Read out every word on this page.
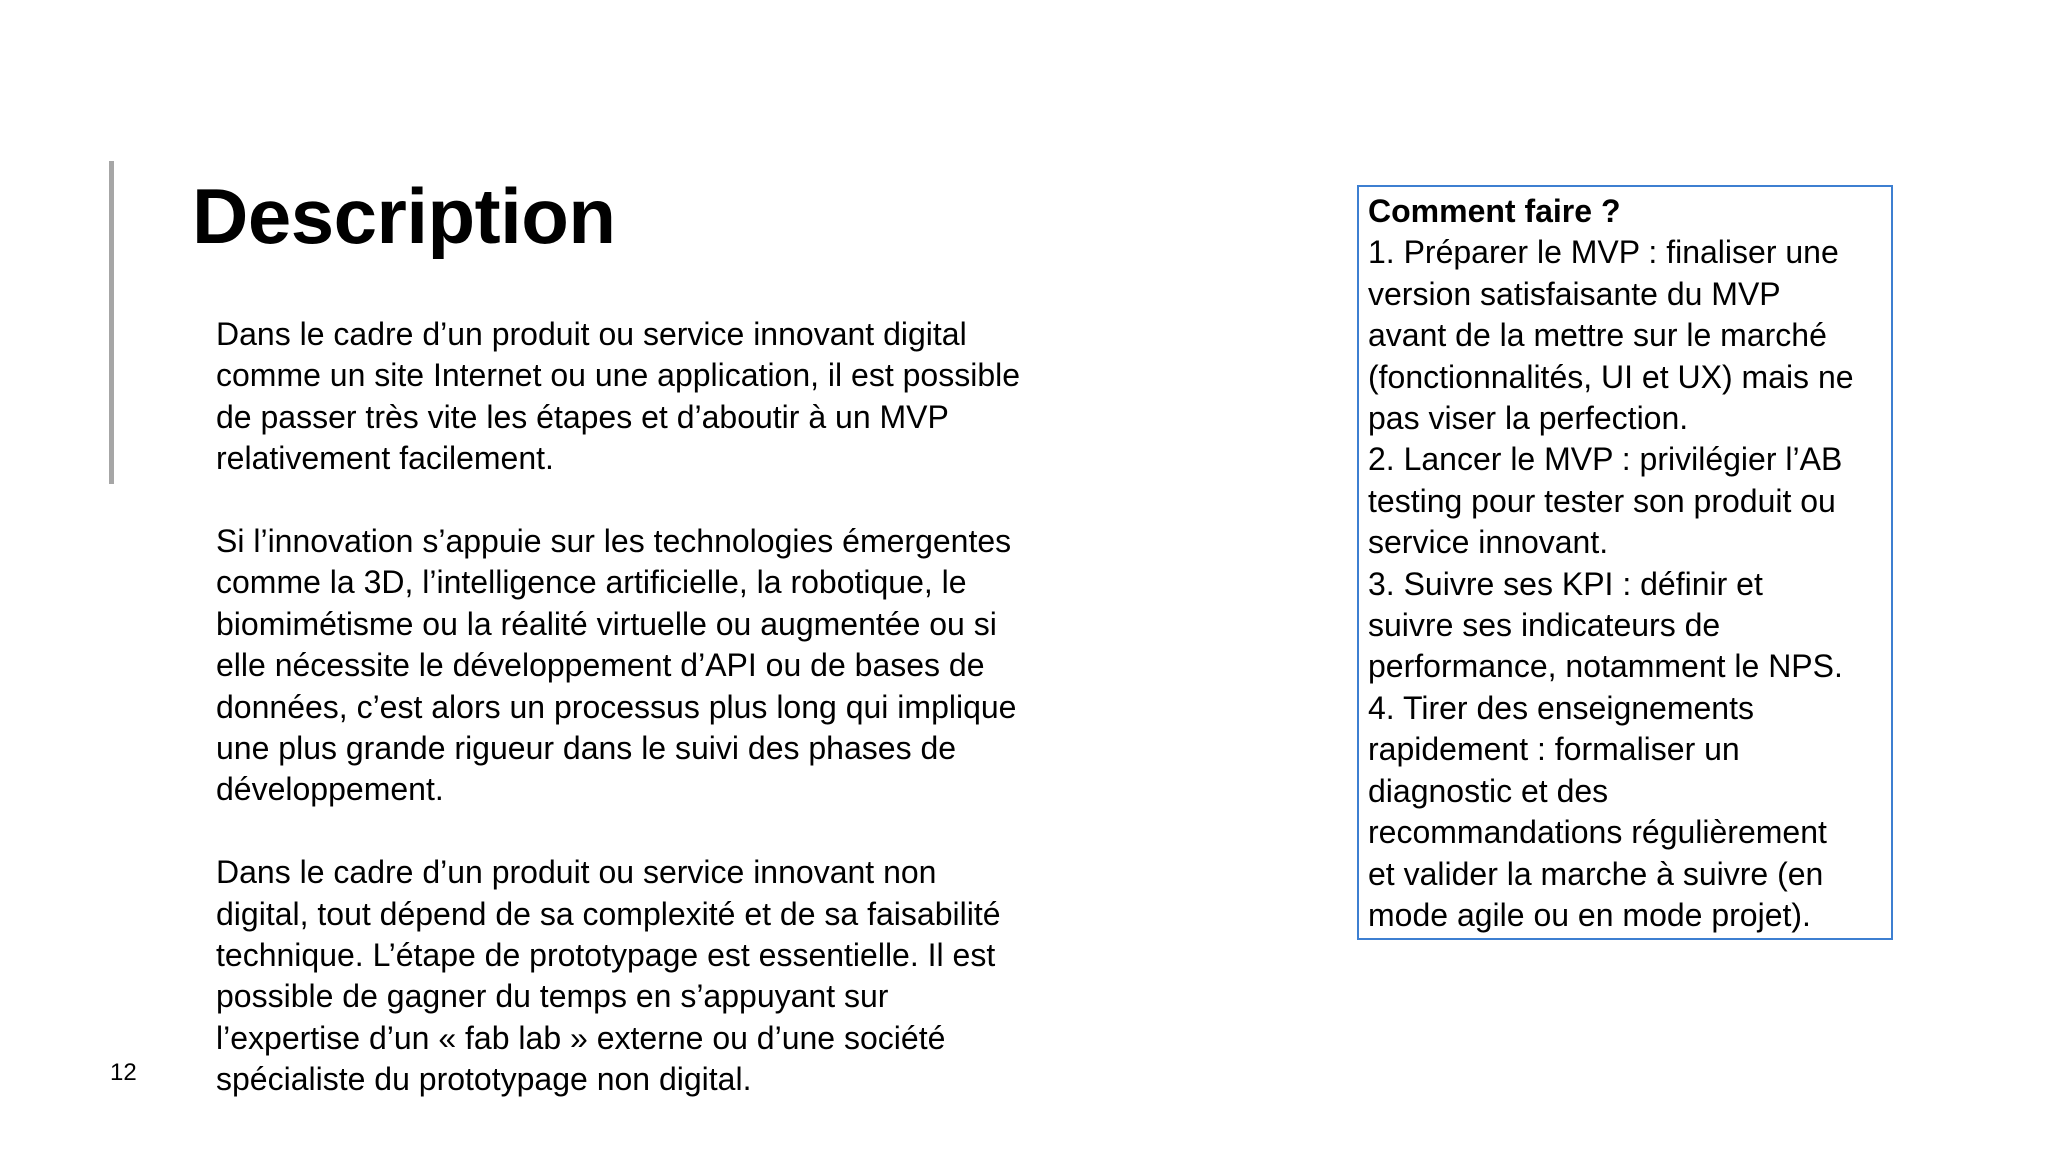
Description

Dans le cadre d’un produit ou service innovant digital
comme un site Internet ou une application, il est possible
de passer très vite les étapes et d’aboutir à un MVP
relativement facilement.

Si l’innovation s’appuie sur les technologies émergentes
comme la 3D, l’intelligence artificielle, la robotique, le
biomimétisme ou la réalité virtuelle ou augmentée ou si
elle nécessite le développement d’API ou de bases de
données, c’est alors un processus plus long qui implique
une plus grande rigueur dans le suivi des phases de
développement.

Dans le cadre d’un produit ou service innovant non
digital, tout dépend de sa complexité et de sa faisabilité
technique. L’étape de prototypage est essentielle. Il est
possible de gagner du temps en s’appuyant sur
l’expertise d’un « fab lab » externe ou d’une société
spécialiste du prototypage non digital.

Comment faire ?

1. Préparer le MVP : finaliser une
version satisfaisante du MVP
avant de la mettre sur le marché
(fonctionnalités, UI et UX) mais ne
pas viser la perfection.

2. Lancer le MVP : privilégier l’AB
testing pour tester son produit ou
service innovant.

3. Suivre ses KPI : définir et
suivre ses indicateurs de
performance, notamment le NPS.

4. Tirer des enseignements
rapidement : formaliser un
diagnostic et des
recommandations régulièrement
et valider la marche à suivre (en
mode agile ou en mode projet).

12
